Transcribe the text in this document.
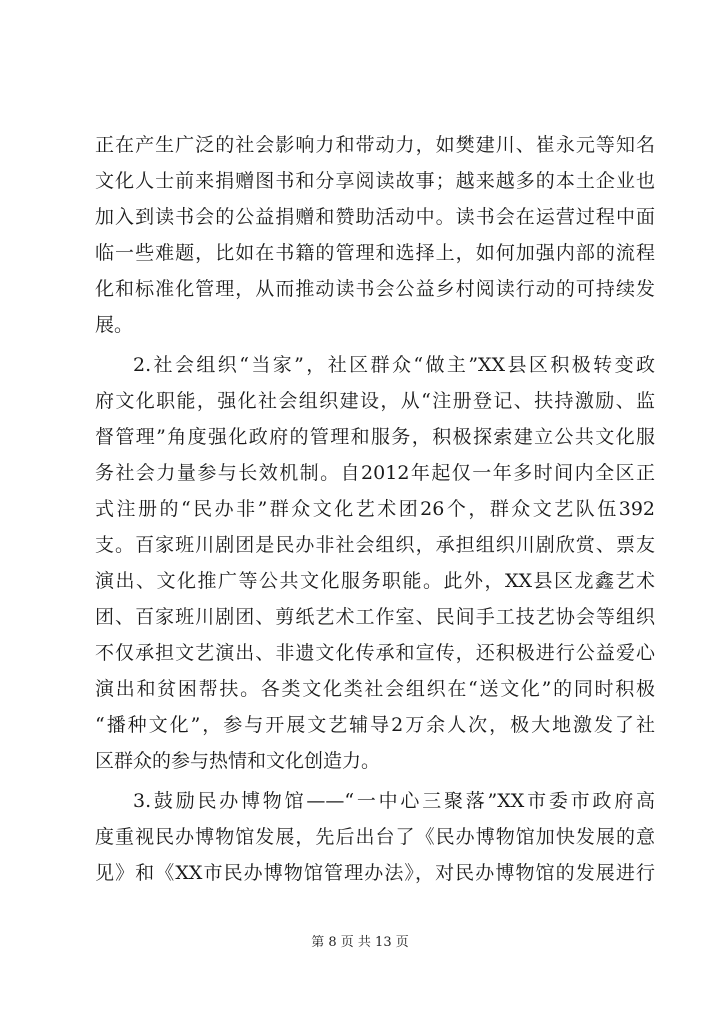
正在产生广泛的社会影响力和带动力，如樊建川、崔永元等知名
文化人士前来捐赠图书和分享阅读故事；越来越多的本土企业也
加入到读书会的公益捐赠和赞助活动中。读书会在运营过程中面
临一些难题，比如在书籍的管理和选择上，如何加强内部的流程
化和标准化管理，从而推动读书会公益乡村阅读行动的可持续发
展。
2.社会组织“当家”，社区群众“做主”XX县区积极转变政
府文化职能，强化社会组织建设，从“注册登记、扶持激励、监
督管理”角度强化政府的管理和服务，积极探索建立公共文化服
务社会力量参与长效机制。自2012年起仅一年多时间内全区正
式注册的“民办非”群众文化艺术团26个，群众文艺队伍392
支。百家班川剧团是民办非社会组织，承担组织川剧欣赏、票友
演出、文化推广等公共文化服务职能。此外，XX县区龙鑫艺术
团、百家班川剧团、剪纸艺术工作室、民间手工技艺协会等组织
不仅承担文艺演出、非遗文化传承和宣传，还积极进行公益爱心
演出和贫困帮扶。各类文化类社会组织在“送文化”的同时积极
“播种文化”，参与开展文艺辅导2万余人次，极大地激发了社
区群众的参与热情和文化创造力。
3.鼓励民办博物馆——“一中心三聚落”XX市委市政府高
度重视民办博物馆发展，先后出台了《民办博物馆加快发展的意
见》和《XX市民办博物馆管理办法》，对民办博物馆的发展进行
第 8 页 共 13 页
